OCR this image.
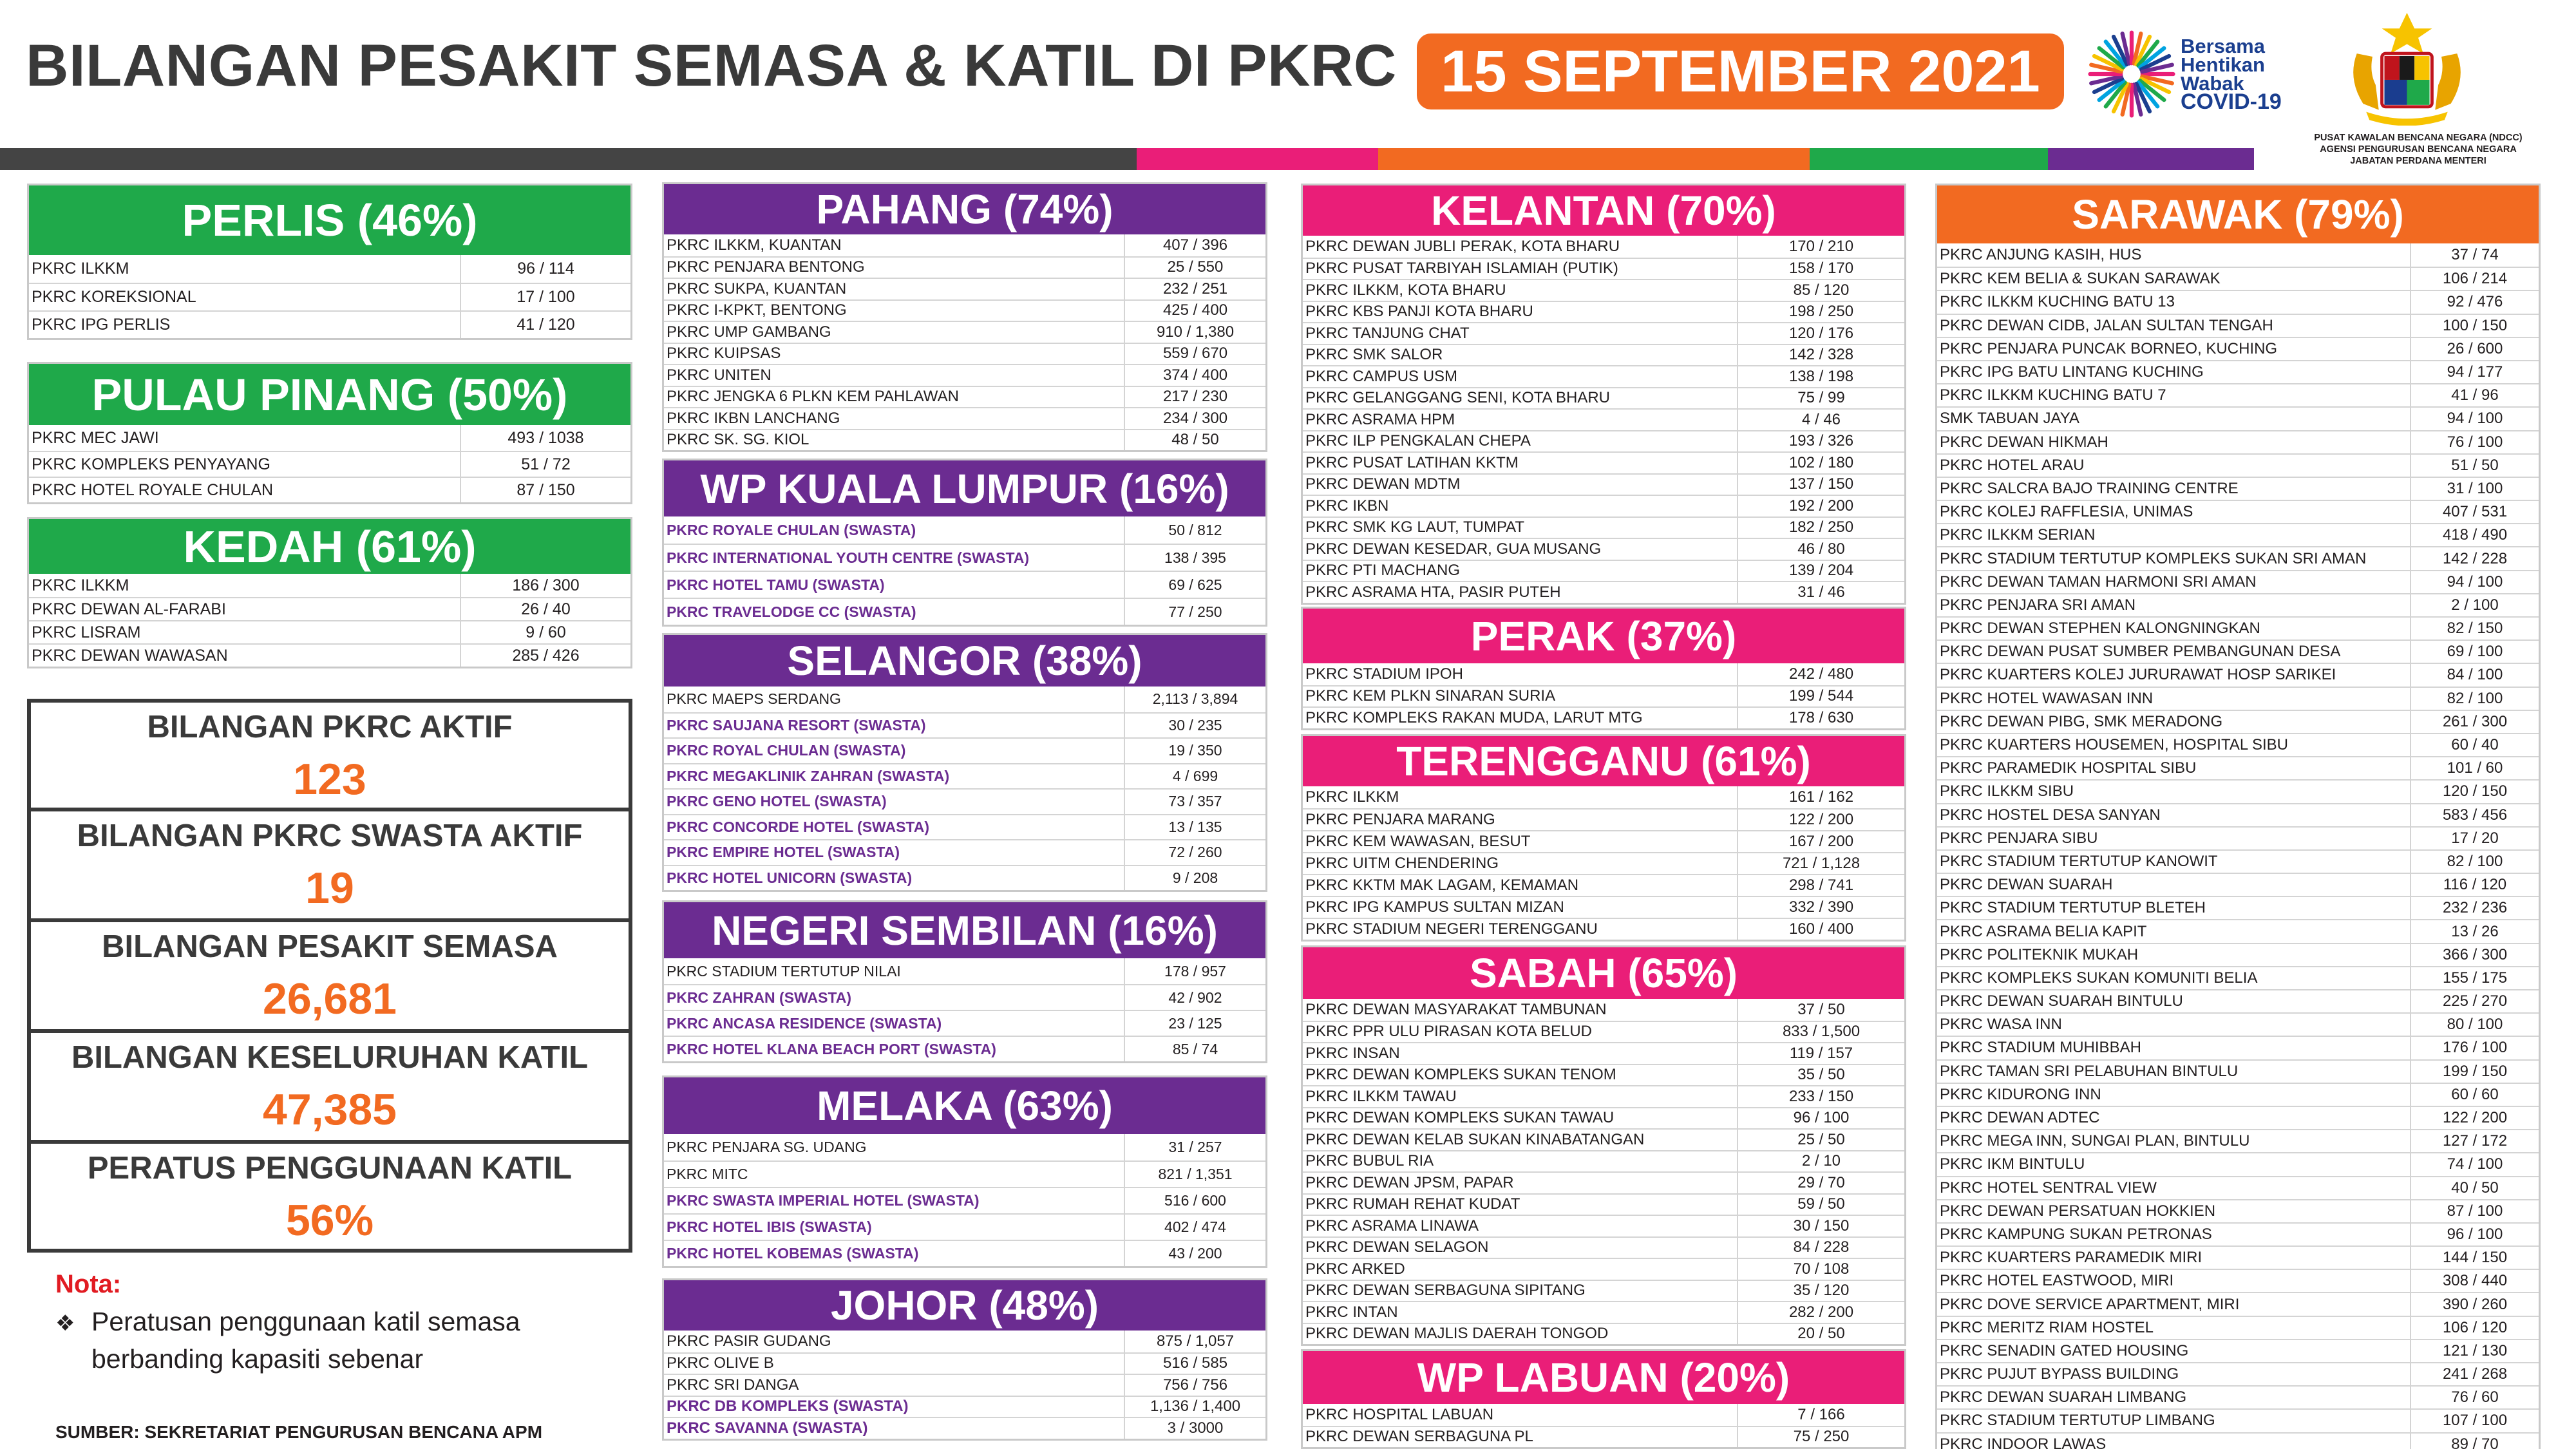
BILANGAN PESAKIT SEMASA & KATIL DI PKRC 15 SEPTEMBER 2021	Bersama
Hentikan
Wabak
COVID-19
PUSAT KAWALAN BENCANA NEGARA (NDCC)
AGENSI PENGURUSAN BENCANA NEGARA
JABATAN PERDANA MENTERI
PERLIS (46%)
PKRC ILKKM	96 / 114
PKRC KOREKSIONAL	17 / 100
PKRC IPG PERLIS	41 / 120
PULAU PINANG (50%)
PKRC MEC JAWI	493 / 1038
PKRC KOMPLEKS PENYAYANG	51 / 72
PKRC HOTEL ROYALE CHULAN	87 / 150
KEDAH (61%)
PKRC ILKKM	186 / 300
PKRC DEWAN AL-FARABI	26 / 40
PKRC LISRAM	9 / 60
PKRC DEWAN WAWASAN	285 / 426
PAHANG (74%)
PKRC ILKKM, KUANTAN	407 / 396
PKRC PENJARA BENTONG	25 / 550
PKRC SUKPA, KUANTAN	232 / 251
PKRC I-KPKT, BENTONG	425 / 400
PKRC UMP GAMBANG	910 / 1,380
PKRC KUIPSAS	559 / 670
PKRC UNITEN	374 / 400
PKRC JENGKA 6 PLKN KEM PAHLAWAN	217 / 230
PKRC IKBN LANCHANG	234 / 300
PKRC SK. SG. KIOL	48 / 50
WP KUALA LUMPUR (16%)
PKRC ROYALE CHULAN (SWASTA)	50 / 812
PKRC INTERNATIONAL YOUTH CENTRE (SWASTA)	138 / 395
PKRC HOTEL TAMU (SWASTA)	69 / 625
PKRC TRAVELODGE CC (SWASTA)	77 / 250
SELANGOR (38%)
PKRC MAEPS SERDANG	2,113 / 3,894
PKRC SAUJANA RESORT (SWASTA)	30 / 235
PKRC ROYAL CHULAN (SWASTA)	19 / 350
PKRC MEGAKLINIK ZAHRAN (SWASTA)	4 / 699
PKRC GENO HOTEL (SWASTA)	73 / 357
PKRC CONCORDE HOTEL (SWASTA)	13 / 135
PKRC EMPIRE HOTEL (SWASTA)	72 / 260
PKRC HOTEL UNICORN (SWASTA)	9 / 208
NEGERI SEMBILAN (16%)
PKRC STADIUM TERTUTUP NILAI	178 / 957
PKRC ZAHRAN (SWASTA)	42 / 902
PKRC ANCASA RESIDENCE (SWASTA)	23 / 125
PKRC HOTEL KLANA BEACH PORT (SWASTA)	85 / 74
MELAKA (63%)
PKRC PENJARA SG. UDANG	31 / 257
PKRC MITC	821 / 1,351
PKRC SWASTA IMPERIAL HOTEL (SWASTA)	516 / 600
PKRC HOTEL IBIS (SWASTA)	402 / 474
PKRC HOTEL KOBEMAS (SWASTA)	43 / 200
JOHOR (48%)
PKRC PASIR GUDANG	875 / 1,057
PKRC OLIVE B	516 / 585
PKRC SRI DANGA	756 / 756
PKRC DB KOMPLEKS (SWASTA)	1,136 / 1,400
PKRC SAVANNA (SWASTA)	3 / 3000
KELANTAN (70%)
PKRC DEWAN JUBLI PERAK, KOTA BHARU	170 / 210
PKRC PUSAT TARBIYAH ISLAMIAH (PUTIK)	158 / 170
PKRC ILKKM, KOTA BHARU	85 / 120
PKRC KBS PANJI KOTA BHARU	198 / 250
PKRC TANJUNG CHAT	120 / 176
PKRC SMK SALOR	142 / 328
PKRC CAMPUS USM	138 / 198
PKRC GELANGGANG SENI, KOTA BHARU	75 / 99
PKRC ASRAMA HPM	4 / 46
PKRC ILP PENGKALAN CHEPA	193 / 326
PKRC PUSAT LATIHAN KKTM	102 / 180
PKRC DEWAN MDTM	137 / 150
PKRC IKBN	192 / 200
PKRC SMK KG LAUT, TUMPAT	182 / 250
PKRC DEWAN KESEDAR, GUA MUSANG	46 / 80
PKRC PTI MACHANG	139 / 204
PKRC ASRAMA HTA, PASIR PUTEH	31 / 46
PERAK (37%)
PKRC STADIUM IPOH	242 / 480
PKRC KEM PLKN SINARAN SURIA	199 / 544
PKRC KOMPLEKS RAKAN MUDA, LARUT MTG	178 / 630
TERENGGANU (61%)
PKRC ILKKM	161 / 162
PKRC PENJARA MARANG	122 / 200
PKRC KEM WAWASAN, BESUT	167 / 200
PKRC UITM CHENDERING	721 / 1,128
PKRC KKTM MAK LAGAM, KEMAMAN	298 / 741
PKRC IPG KAMPUS SULTAN MIZAN	332 / 390
PKRC STADIUM NEGERI TERENGGANU	160 / 400
SABAH (65%)
PKRC DEWAN MASYARAKAT TAMBUNAN	37 / 50
PKRC PPR ULU PIRASAN KOTA BELUD	833 / 1,500
PKRC INSAN	119 / 157
PKRC DEWAN KOMPLEKS SUKAN TENOM	35 / 50
PKRC ILKKM TAWAU	233 / 150
PKRC DEWAN KOMPLEKS SUKAN TAWAU	96 / 100
PKRC DEWAN KELAB SUKAN KINABATANGAN	25 / 50
PKRC BUBUL RIA	2 / 10
PKRC DEWAN JPSM, PAPAR	29 / 70
PKRC RUMAH REHAT KUDAT	59 / 50
PKRC ASRAMA LINAWA	30 / 150
PKRC DEWAN SELAGON	84 / 228
PKRC ARKED	70 / 108
PKRC DEWAN SERBAGUNA SIPITANG	35 / 120
PKRC INTAN	282 / 200
PKRC DEWAN MAJLIS DAERAH TONGOD	20 / 50
WP LABUAN (20%)
PKRC HOSPITAL LABUAN	7 / 166
PKRC DEWAN SERBAGUNA PL	75 / 250
SARAWAK (79%)
PKRC ANJUNG KASIH, HUS	37 / 74
PKRC KEM BELIA & SUKAN SARAWAK	106 / 214
PKRC ILKKM KUCHING BATU 13	92 / 476
PKRC DEWAN CIDB, JALAN SULTAN TENGAH	100 / 150
PKRC PENJARA PUNCAK BORNEO, KUCHING	26 / 600
PKRC IPG BATU LINTANG KUCHING	94 / 177
PKRC ILKKM KUCHING BATU 7	41 / 96
SMK TABUAN JAYA	94 / 100
PKRC DEWAN HIKMAH	76 / 100
PKRC HOTEL ARAU	51 / 50
PKRC SALCRA BAJO TRAINING CENTRE	31 / 100
PKRC KOLEJ RAFFLESIA, UNIMAS	407 / 531
PKRC ILKKM SERIAN	418 / 490
PKRC STADIUM TERTUTUP KOMPLEKS SUKAN SRI AMAN	142 / 228
PKRC DEWAN TAMAN HARMONI SRI AMAN	94 / 100
PKRC PENJARA SRI AMAN	2 / 100
PKRC DEWAN STEPHEN KALONGNINGKAN	82 / 150
PKRC DEWAN PUSAT SUMBER PEMBANGUNAN DESA	69 / 100
PKRC KUARTERS KOLEJ JURURAWAT HOSP SARIKEI	84 / 100
PKRC HOTEL WAWASAN INN	82 / 100
PKRC DEWAN PIBG, SMK MERADONG	261 / 300
PKRC KUARTERS HOUSEMEN, HOSPITAL SIBU	60 / 40
PKRC PARAMEDIK HOSPITAL SIBU	101 / 60
PKRC ILKKM SIBU	120 / 150
PKRC HOSTEL DESA SANYAN	583 / 456
PKRC PENJARA SIBU	17 / 20
PKRC STADIUM TERTUTUP KANOWIT	82 / 100
PKRC DEWAN SUARAH	116 / 120
PKRC STADIUM TERTUTUP BLETEH	232 / 236
PKRC ASRAMA BELIA KAPIT	13 / 26
PKRC POLITEKNIK MUKAH	366 / 300
PKRC KOMPLEKS SUKAN KOMUNITI BELIA	155 / 175
PKRC DEWAN SUARAH BINTULU	225 / 270
PKRC WASA INN	80 / 100
PKRC STADIUM MUHIBBAH	176 / 100
PKRC TAMAN SRI PELABUHAN BINTULU	199 / 150
PKRC KIDURONG INN	60 / 60
PKRC DEWAN ADTEC	122 / 200
PKRC MEGA INN, SUNGAI PLAN, BINTULU	127 / 172
PKRC IKM BINTULU	74 / 100
PKRC HOTEL SENTRAL VIEW	40 / 50
PKRC DEWAN PERSATUAN HOKKIEN	87 / 100
PKRC KAMPUNG SUKAN PETRONAS	96 / 100
PKRC KUARTERS PARAMEDIK MIRI	144 / 150
PKRC HOTEL EASTWOOD, MIRI	308 / 440
PKRC DOVE SERVICE APARTMENT, MIRI	390 / 260
PKRC MERITZ RIAM HOSTEL	106 / 120
PKRC SENADIN GATED HOUSING	121 / 130
PKRC PUJUT BYPASS BUILDING	241 / 268
PKRC DEWAN SUARAH LIMBANG	76 / 60
PKRC STADIUM TERTUTUP LIMBANG	107 / 100
PKRC INDOOR LAWAS	89 / 70
BILANGAN PKRC AKTIF
123
BILANGAN PKRC SWASTA AKTIF
19
BILANGAN PESAKIT SEMASA
26,681
BILANGAN KESELURUHAN KATIL
47,385
PERATUS PENGGUNAAN KATIL
56%
Nota:
❖ Peratusan penggunaan katil semasa
berbanding kapasiti sebenar
SUMBER: SEKRETARIAT PENGURUSAN BENCANA APM
